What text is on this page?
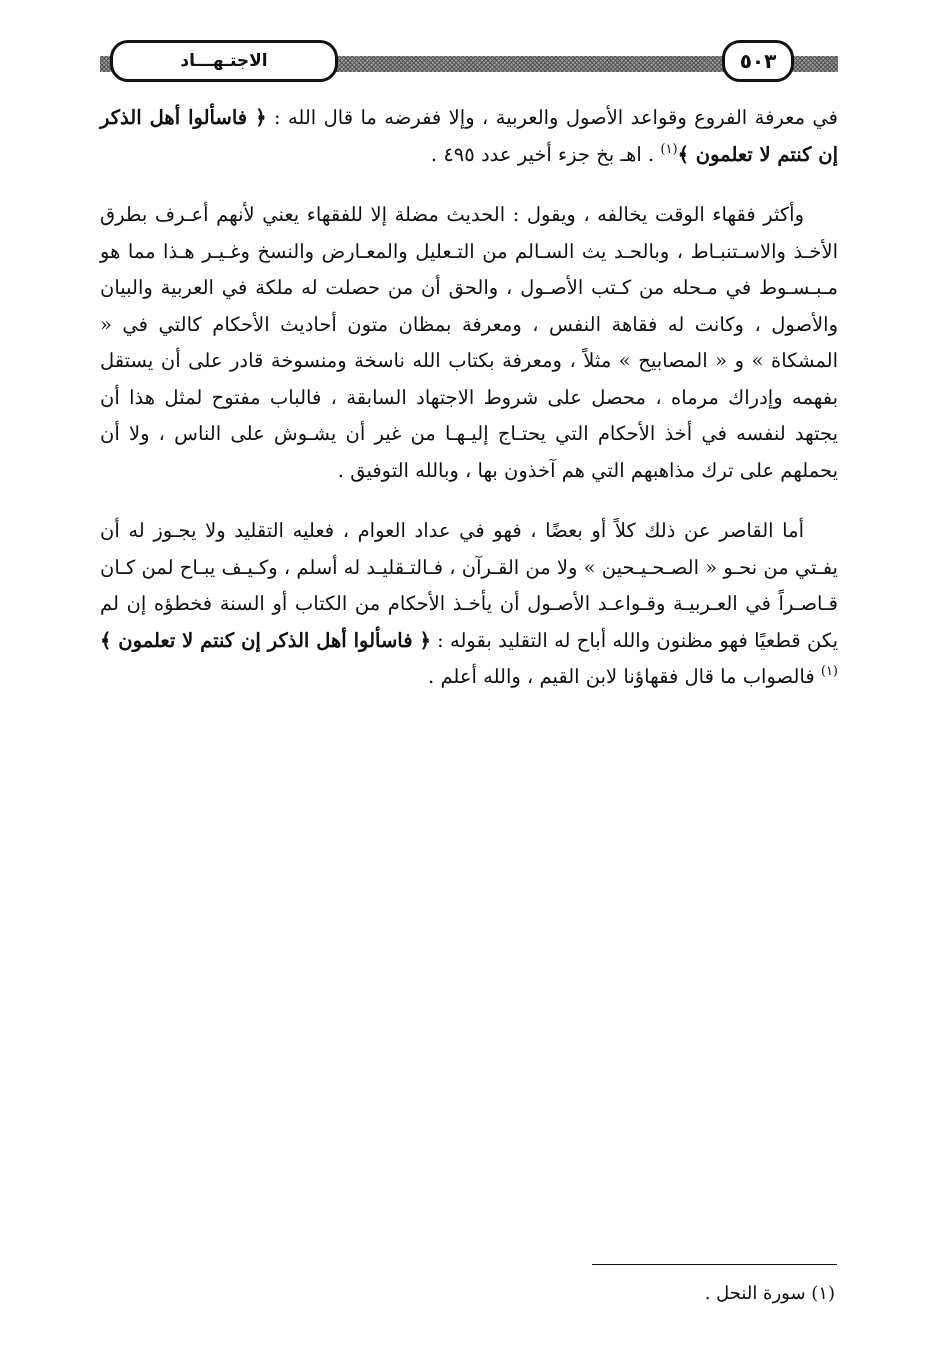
الاجتـهـــاد	٥٠٣

في معرفة الفروع وقواعد الأصول والعربية ، وإلا ففرضه ما قال الله : ﴿ فاسألوا أهل الذكر إن كنتم لا تعلمون ﴾$^{(١)}$ . اهـ بخ جزء أخير عدد ٤٩٥ .

وأكثر فقهاء الوقت يخالفه ، ويقول : الحديث مضلة إلا للفقهاء يعني لأنهم أعـرف بطرق الأخـذ والاسـتنبـاط ، وبالحـد يث السـالم من التـعليل والمعـارض والنسخ وغـيـر هـذا مما هو مـبـسـوط في مـحله من كـتب الأصـول ، والحق أن من حصلت له ملكة في العربية والبيان والأصول ، وكانت له فقاهة النفس ، ومعرفة بمظان متون أحاديث الأحكام كالتي في « المشكاة » و « المصابيح » مثلاً ، ومعرفة بكتاب الله ناسخة ومنسوخة قادر على أن يستقل بفهمه وإدراك مرماه ، محصل على شروط الاجتهاد السابقة ، فالباب مفتوح لمثل هذا أن يجتهد لنفسه في أخذ الأحكام التي يحتـاج إليـهـا من غير أن يشـوش على الناس ، ولا أن يحملهم على ترك مذاهبهم التي هم آخذون بها ، وبالله التوفيق .

أما القاصر عن ذلك كلاً أو بعضًا ، فهو في عداد العوام ، فعليه التقليد ولا يجـوز له أن يفـتي من نحـو « الصـحـيـحين » ولا من القـرآن ، فـالتـقليـد له أسلم ، وكـيـف يبـاح لمن كـان قـاصـراً في العـربيـة وقـواعـد الأصـول أن يأخـذ الأحكام من الكتاب أو السنة فخطؤه إن لم يكن قطعيًا فهو مظنون والله أباح له التقليد بقوله : ﴿ فاسألوا أهل الذكر إن كنتم لا تعلمون ﴾$^{(١)}$ فالصواب ما قال فقهاؤنا لابن القيم ، والله أعلم .

(١) سورة النحل .
